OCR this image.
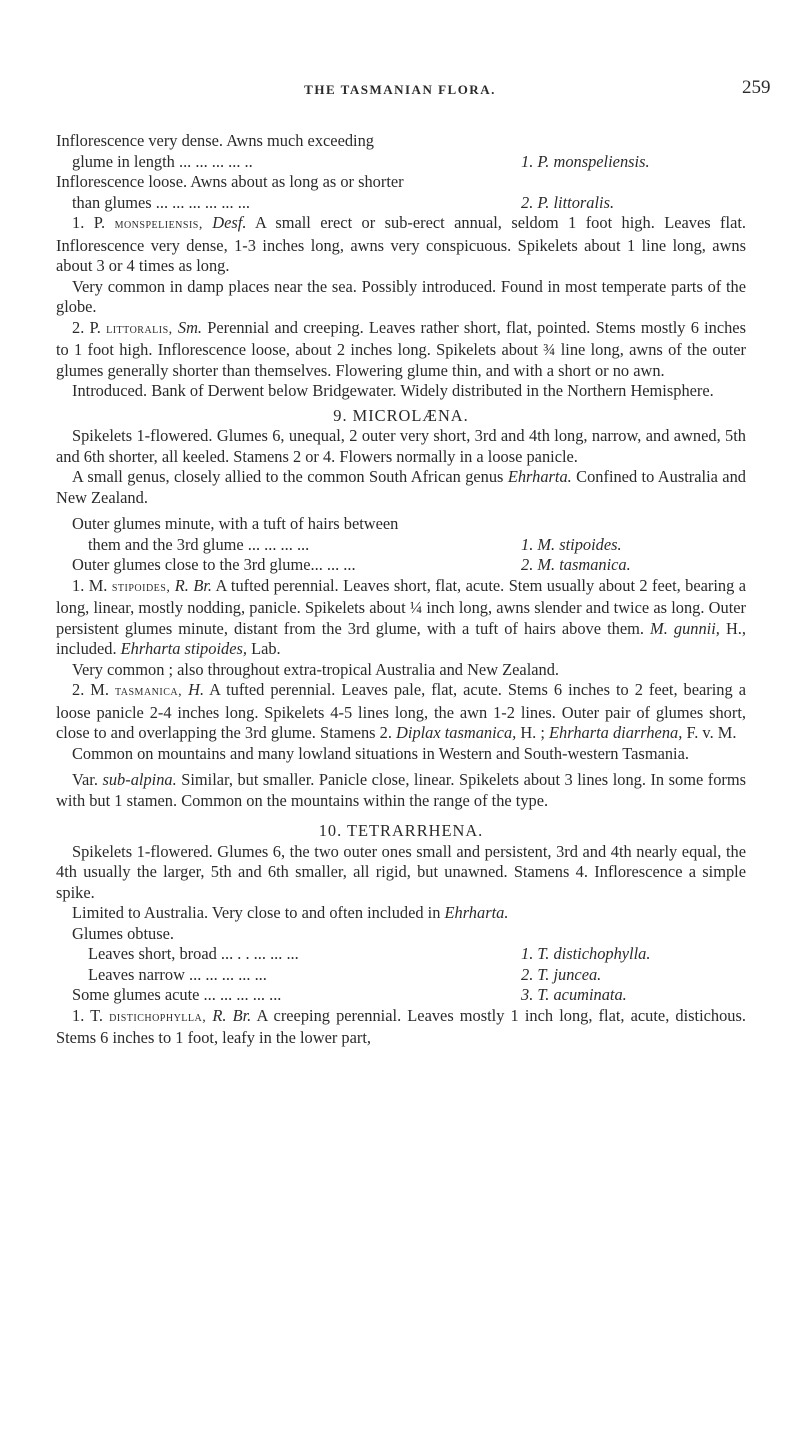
THE TASMANIAN FLORA.	259
Inflorescence very dense. Awns much exceeding
glume in length ... ... ... ... ..	1. P. monspeliensis.
Inflorescence loose. Awns about as long as or shorter
than glumes ... ... ... ... ... ...	2. P. littoralis.

1. P. monspeliensis, Desf. A small erect or sub-erect annual, seldom 1 foot high. Leaves flat. Inflorescence very dense, 1-3 inches long, awns very conspicuous. Spikelets about 1 line long, awns about 3 or 4 times as long.

Very common in damp places near the sea. Possibly introduced. Found in most temperate parts of the globe.

2. P. littoralis, Sm. Perennial and creeping. Leaves rather short, flat, pointed. Stems mostly 6 inches to 1 foot high. Inflorescence loose, about 2 inches long. Spikelets about ¾ line long, awns of the outer glumes generally shorter than themselves. Flowering glume thin, and with a short or no awn.

Introduced. Bank of Derwent below Bridgewater. Widely distributed in the Northern Hemisphere.

9. MICROLÆNA.

Spikelets 1-flowered. Glumes 6, unequal, 2 outer very short, 3rd and 4th long, narrow, and awned, 5th and 6th shorter, all keeled. Stamens 2 or 4. Flowers normally in a loose panicle.

A small genus, closely allied to the common South African genus Ehrharta. Confined to Australia and New Zealand.

Outer glumes minute, with a tuft of hairs between
them and the 3rd glume ... ... ... ...	1. M. stipoides.
Outer glumes close to the 3rd glume... ... ...	2. M. tasmanica.

1. M. stipoides, R. Br. A tufted perennial. Leaves short, flat, acute. Stem usually about 2 feet, bearing a long, linear, mostly nodding, panicle. Spikelets about ¼ inch long, awns slender and twice as long. Outer persistent glumes minute, distant from the 3rd glume, with a tuft of hairs above them. M. gunnii, H., included. Ehrharta stipoides, Lab.

Very common ; also throughout extra-tropical Australia and New Zealand.

2. M. tasmanica, H. A tufted perennial. Leaves pale, flat, acute. Stems 6 inches to 2 feet, bearing a loose panicle 2-4 inches long. Spikelets 4-5 lines long, the awn 1-2 lines. Outer pair of glumes short, close to and overlapping the 3rd glume. Stamens 2. Diplax tasmanica, H. ; Ehrharta diarrhena, F. v. M.

Common on mountains and many lowland situations in Western and South-western Tasmania.

Var. sub-alpina. Similar, but smaller. Panicle close, linear. Spikelets about 3 lines long. In some forms with but 1 stamen. Common on the mountains within the range of the type.

10. TETRARRHENA.

Spikelets 1-flowered. Glumes 6, the two outer ones small and persistent, 3rd and 4th nearly equal, the 4th usually the larger, 5th and 6th smaller, all rigid, but unawned. Stamens 4. Inflorescence a simple spike.

Limited to Australia. Very close to and often included in Ehrharta.

Glumes obtuse.
Leaves short, broad ... . . ... ... ...	1. T. distichophylla.
Leaves narrow ... ... ... ... ...	2. T. juncea.
Some glumes acute ... ... ... ... ...	3. T. acuminata.

1. T. distichophylla, R. Br. A creeping perennial. Leaves mostly 1 inch long, flat, acute, distichous. Stems 6 inches to 1 foot, leafy in the lower part,
